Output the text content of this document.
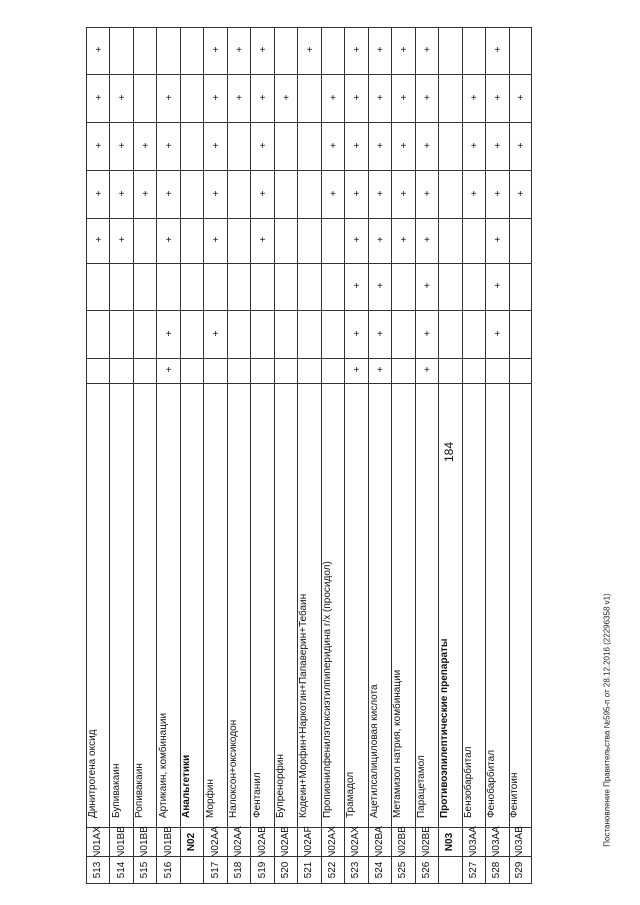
184
+
+
+
+
+
Динитрогена оксид
N01AX
513
+
+
+
+
Бупивакаин
N01BB
514
+
+
Ропивакаин
N01BB
515
+
+
+
+
+
+
Артикаин, комбинации
N01BB
516
Анальгетики
N02
+
+
+
+
+
+
Морфин
N02AA
517
+
+
Налоксон+оксикодон
N02AA
518
+
+
+
+
+
Фентанил
N02AB
519
+
Бупренорфин
N02AB
520
+
Кодеин+Морфин+Наркотин+Папаверин+Тебаин
N02AF
521
+
+
+
Пропионилфенилэтоксиэтилпиперидина г/х (просидол)
N02AX
522
+
+
+
+
+
+
+
+
Трамадол
N02AX
523
+
+
+
+
+
+
+
+
Ацетилсалициловая кислота
N02BA
524
+
+
+
+
+
Метамизол натрия, комбинации
N02BB
525
+
+
+
+
+
+
+
+
Парацетамол
N02BE
526
Противоэпилептические препараты
N03
+
+
+
Бензобарбитал
N03AA
527
+
+
+
+
+
+
+
Фенобарбитал
N03AA
528
+
+
+
Фенитоин
N03AB
529
Постановление Правительства №595-п от 28.12.2016 (22296358 v1)
